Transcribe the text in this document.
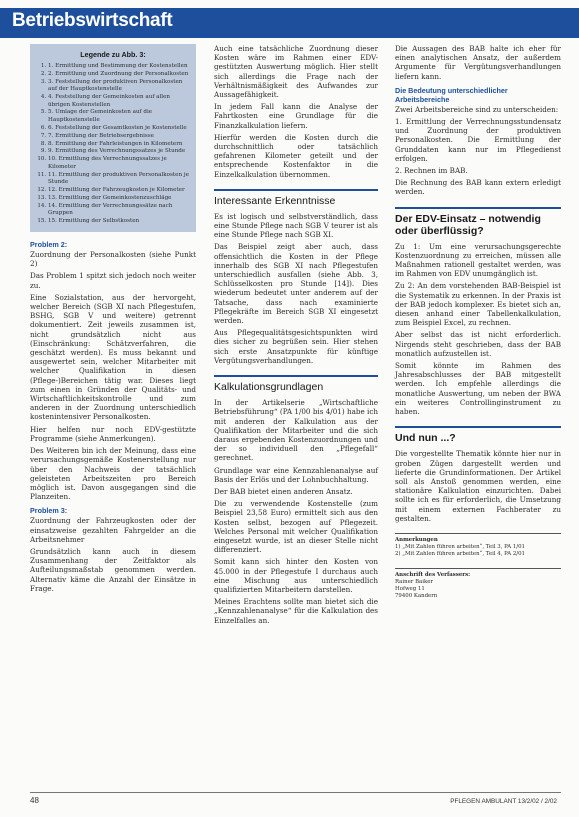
Betriebswirtschaft
Legende zu Abb. 3:
1. 1. Ermittlung und Bestimmung der Kostenstellen
2. 2. Ermittlung und Zuordnung der Personalkosten
3. 3. Feststellung der produktiven Personalkosten auf der Hauptkostenstelle
4. 4. Feststellung der Gemeinkosten auf allen übrigen Kostenstellen
5. 5. Umlage der Gemeinkosten auf die Hauptkostenstelle
6. 6. Feststellung der Gesamtkosten je Kostenstelle
7. 7. Ermittlung der Betriebsergebnisse
8. 8. Ermittlung der Fahrleistungen in Kilometern
9. 9. Ermittlung des Verrechnungssatzes je Stunde
10. 10. Ermittlung des Verrechnungssatzes je Kilometer
11. 11. Ermittlung der produktiven Personalkosten je Stunde
12. 12. Ermittlung der Fahrzeugkosten je Kilometer
13. 13. Ermittlung der Gemeinkostenzuschläge
14. 14. Ermittlung der Verrechnungssätze nach Gruppen
15. 15. Ermittlung der Selbstkosten
Problem 2:

Zuordnung der Personalkosten (siehe Punkt 2)

Das Problem 1 spitzt sich jedoch noch weiter zu.

Eine Sozialstation, aus der hervorgeht, welcher Bereich (SGB XI nach Pflegestufen, BSHG, SGB V und weitere) getrennt dokumentiert. Zeit jeweils zusammen ist, nicht grundsätzlich nicht aus (Einschränkung: Schätzverfahren, die geschätzt werden). Es muss bekannt und ausgewertet sein, welcher Mitarbeiter mit welcher Qualifikation in diesen (Pflege-)Bereichen tätig war. Dieses liegt zum einen in Gründen der Qualitäts- und Wirtschaftlichkeitskontrolle und zum anderen in der Zuordnung unterschiedlich kostenintensiver Personalkosten.

Hier helfen nur noch EDV-gestützte Programme (siehe Anmerkungen).

Des Weiteren bin ich der Meinung, dass eine verursachungsgemäße Kostenerstellung nur über den Nachweis der tatsächlich geleisteten Arbeitszeiten pro Bereich möglich ist. Davon ausgegangen sind die Planzeiten.

Problem 3:

Zuordnung der Fahrzeugkosten oder der einsatzweise gezahlten Fahrgelder an die Arbeitsnehmer

Grundsätzlich kann auch in diesem Zusammenhang der Zeitfaktor als Aufteilungsmaßstab genommen werden. Alternativ käme die Anzahl der Einsätze in Frage.

Auch eine tatsächliche Zuordnung dieser Kosten wäre im Rahmen einer EDV-gestützten Auswertung möglich. Hier stellt sich allerdings die Frage nach der Verhältnismäßigkeit des Aufwandes zur Aussagefähigkeit.

In jedem Fall kann die Analyse der Fahrtkosten eine Grundlage für die Finanzkalkulation liefern.

Hierfür werden die Kosten durch die durchschnittlich oder tatsächlich gefahrenen Kilometer geteilt und der entsprechende Kostenfaktor in die Einzelkalkulation übernommen.

Interessante Erkenntnisse

Es ist logisch und selbstverständlich, dass eine Stunde Pflege nach SGB V teurer ist als eine Stunde Pflege nach SGB XI.

Das Beispiel zeigt aber auch, dass offensichtlich die Kosten in der Pflege innerhalb des SGB XI nach Pflegestufen unterschiedlich ausfallen (siehe Abb. 3, Schlüsselkosten pro Stunde [14]). Dies wiederum bedeutet unter anderem auf der Tatsache, dass nach examinierte Pflegekräfte im Bereich SGB XI eingesetzt werden.

Aus Pflegequalitätsgesichtspunkten wird dies sicher zu begrüßen sein. Hier stehen sich erste Ansatzpunkte für künftige Vergütungsverhandlungen.

Kalkulationsgrundlagen

In der Artikelserie „Wirtschaftliche Betriebsführung“ (PA 1/00 bis 4/01) habe ich mit anderen der Kalkulation aus der Qualifikation der Mitarbeiter und die sich daraus ergebenden Kostenzuordnungen und der so individuell den „Pflegefall“ gerechnet.

Grundlage war eine Kennzahlenanalyse auf Basis der Erlös und der Lohnbuchhaltung.

Der BAB bietet einen anderen Ansatz.

Die zu verwendende Kostenstelle (zum Beispiel 23,58 Euro) ermittelt sich aus den Kosten selbst, bezogen auf Pflegezeit. Welches Personal mit welcher Qualifikation eingesetzt wurde, ist an dieser Stelle nicht differenziert.

Somit kann sich hinter den Kosten von 45.000 in der Pflegestufe I durchaus auch eine Mischung aus unterschiedlich qualifizierten Mitarbeitern darstellen.

Meines Erachtens sollte man bietet sich die „Kennzahlenanalyse“ für die Kalkulation des Einzelfalles an.

Die Aussagen des BAB halte ich eher für einen analytischen Ansatz, der außerdem Argumente für Vergütungsverhandlungen liefern kann.

Die Bedeutung unterschiedlicher Arbeitsbereiche

Zwei Arbeitsbereiche sind zu unterscheiden:

1. Ermittlung der Verrechnungsstundensatz und Zuordnung der produktiven Personalkosten. Die Ermittlung der Grunddaten kann nur im Pflegedienst erfolgen.

2. Rechnen im BAB.

Die Rechnung des BAB kann extern erledigt werden.

Der EDV-Einsatz – notwendig oder überflüssig?

Zu 1: Um eine verursachungsgerechte Kostenzuordnung zu erreichen, müssen alle Maßnahmen rationell gestaltet werden, was im Rahmen von EDV unumgänglich ist.

Zu 2: An dem vorstehenden BAB-Beispiel ist die Systematik zu erkennen. In der Praxis ist der BAB jedoch komplexer. Es bietet sich an, diesen anhand einer Tabellenkalkulation, zum Beispiel Excel, zu rechnen.

Aber selbst das ist nicht erforderlich. Nirgends steht geschrieben, dass der BAB monatlich aufzustellen ist.

Somit könnte im Rahmen des Jahresabschlusses der BAB mitgestellt werden. Ich empfehle allerdings die monatliche Auswertung, um neben der BWA ein weiteres Controllinginstrument zu haben.

Und nun ...?

Die vorgestellte Thematik könnte hier nur in groben Zügen dargestellt werden und lieferte die Grundinformationen. Der Artikel soll als Anstoß genommen werden, eine stationäre Kalkulation einzurichten. Dabei sollte ich es für erforderlich, die Umsetzung mit einem externen Fachberater zu gestalten.

Anmerkungen
1) „Mit Zahlen führen arbeiten“, Teil 3, PA 1/01
2) „Mit Zahlen führen arbeiten“, Teil 4, PA 2/01
Anschrift des Verfassers:
Rainer Baiker
Hofweg 11
79400 Kandern
48	PFLEGEN AMBULANT 13/2/02 / 2/02
